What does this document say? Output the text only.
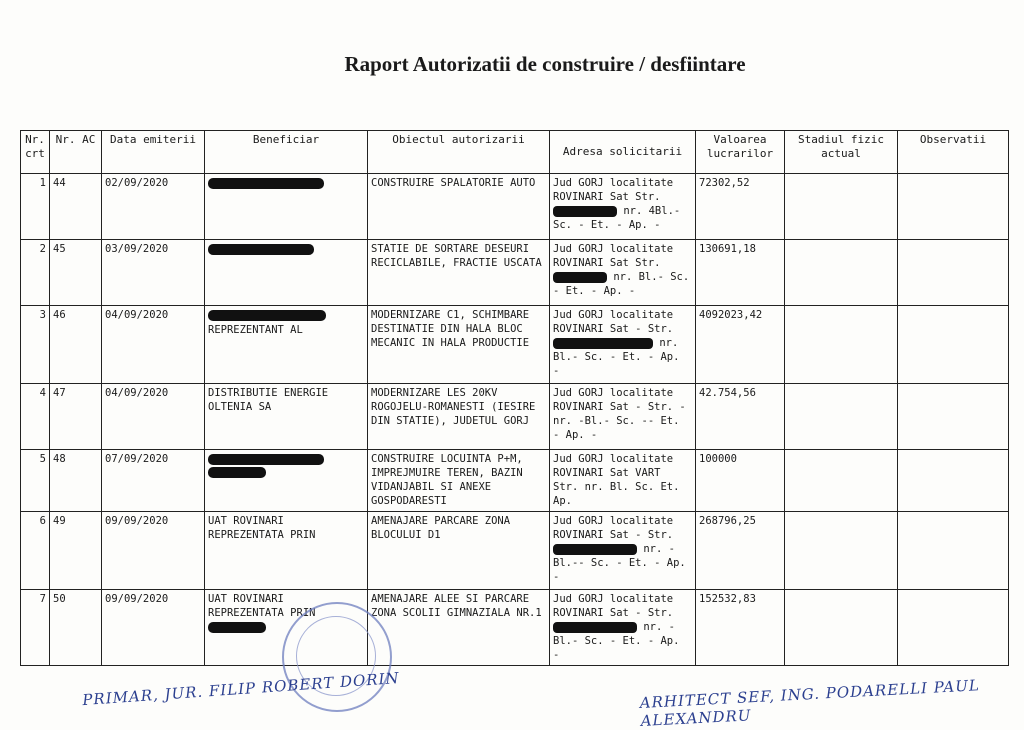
Raport Autorizatii de construire / desfiintare
Nr. crt	Nr. AC	Data emiterii	Beneficiar	Obiectul autorizarii	Adresa solicitarii	Valoarea lucrarilor	Stadiul fizic actual	Observatii
1	44	02/09/2020		CONSTRUIRE SPALATORIE AUTO	Jud GORJ localitate ROVINARI Sat Str.  nr. 4Bl.- Sc. - Et. - Ap. -	72302,52		
2	45	03/09/2020		STATIE DE SORTARE DESEURI RECICLABILE, FRACTIE USCATA	Jud GORJ localitate ROVINARI Sat Str.  nr. Bl.- Sc. - Et. - Ap. -	130691,18		
3	46	04/09/2020	REPREZENTANT AL	MODERNIZARE C1, SCHIMBARE DESTINATIE DIN HALA BLOC MECANIC IN HALA PRODUCTIE	Jud GORJ localitate ROVINARI Sat - Str.  nr. Bl.- Sc. - Et. - Ap. -	4092023,42		
4	47	04/09/2020	DISTRIBUTIE ENERGIE OLTENIA SA	MODERNIZARE LES 20KV ROGOJELU-ROMANESTI (IESIRE DIN STATIE), JUDETUL GORJ	Jud GORJ localitate ROVINARI Sat - Str. - nr. -Bl.- Sc. -- Et. - Ap. -	42.754,56		
5	48	07/09/2020		CONSTRUIRE LOCUINTA P+M, IMPREJMUIRE TEREN, BAZIN VIDANJABIL SI ANEXE GOSPODARESTI	Jud GORJ localitate ROVINARI Sat VART Str. nr. Bl. Sc. Et. Ap.	100000		
6	49	09/09/2020	UAT ROVINARI REPREZENTATA PRIN	AMENAJARE PARCARE ZONA BLOCULUI D1	Jud GORJ localitate ROVINARI Sat - Str.  nr. -Bl.-- Sc. - Et. - Ap. -	268796,25		
7	50	09/09/2020	UAT ROVINARI REPREZENTATA PRIN	AMENAJARE ALEE SI PARCARE ZONA SCOLII GIMNAZIALA NR.1	Jud GORJ localitate ROVINARI Sat - Str.  nr. -Bl.- Sc. - Et. - Ap. -	152532,83		
PRIMAR, JUR. FILIP ROBERT DORIN	ARHITECT SEF, ING. PODARELLI PAUL ALEXANDRU
